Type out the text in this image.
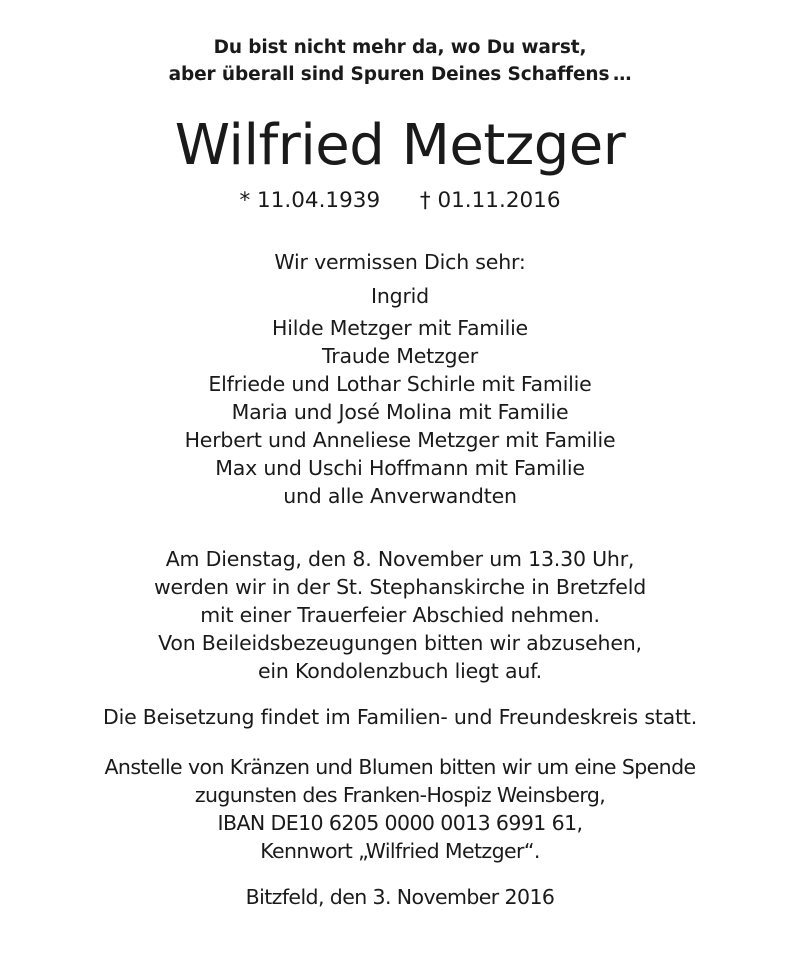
Du bist nicht mehr da, wo Du warst,
aber überall sind Spuren Deines Schaffens …
Wilfried Metzger
* 11.04.1939 † 01.11.2016
Wir vermissen Dich sehr:
Ingrid
Hilde Metzger mit Familie
Traude Metzger
Elfriede und Lothar Schirle mit Familie
Maria und José Molina mit Familie
Herbert und Anneliese Metzger mit Familie
Max und Uschi Hoffmann mit Familie
und alle Anverwandten
Am Dienstag, den 8. November um 13.30 Uhr,
werden wir in der St. Stephanskirche in Bretzfeld
mit einer Trauerfeier Abschied nehmen.
Von Beileidsbezeugungen bitten wir abzusehen,
ein Kondolenzbuch liegt auf.
Die Beisetzung findet im Familien- und Freundeskreis statt.
Anstelle von Kränzen und Blumen bitten wir um eine Spende
zugunsten des Franken-Hospiz Weinsberg,
IBAN DE10 6205 0000 0013 6991 61,
Kennwort „Wilfried Metzger“.
Bitzfeld, den 3. November 2016
